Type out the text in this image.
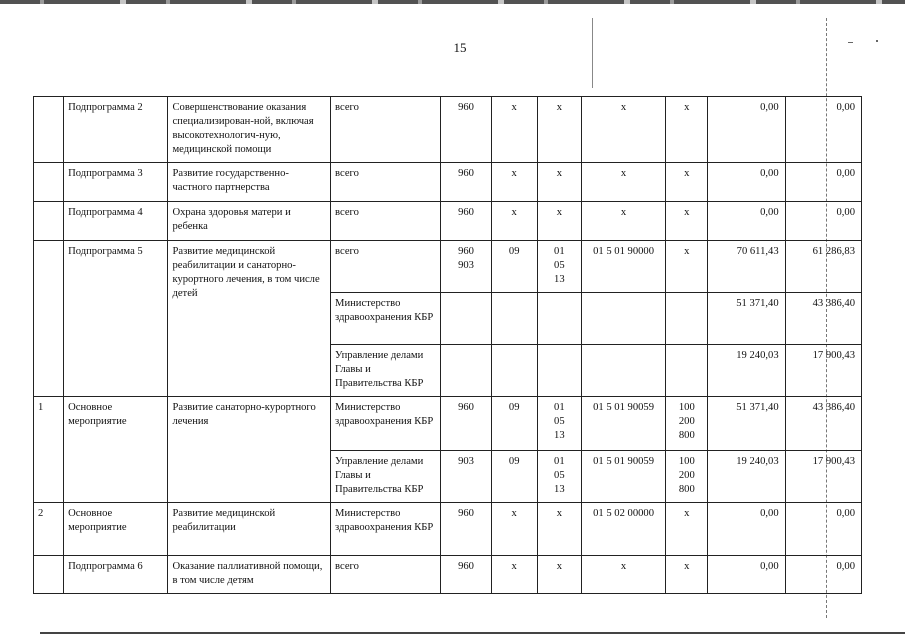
15
	Подпрограмма 2	Совершенствование оказания специализирован-ной, включая высокотехнологич-ную, медицинской помощи	всего	960	х	х	х	х	0,00	0,00
	Подпрограмма 3	Развитие государственно-частного партнерства	всего	960	х	х	х	х	0,00	0,00
	Подпрограмма 4	Охрана здоровья матери и ребенка	всего	960	х	х	х	х	0,00	0,00
	Подпрограмма 5	Развитие медицинской реабилитации и санаторно-курортного лечения, в том числе детей	всего	960
903	09	01
05
13	01 5 01 90000	х	70 611,43	61 286,83
			Министерство здравоохранения КБР						51 371,40	43 386,40
			Управление делами Главы и Правительства КБР						19 240,03	17 900,43
1	Основное мероприятие	Развитие санаторно-курортного лечения	Министерство здравоохранения КБР	960	09	01
05
13	01 5 01 90059	100
200
800	51 371,40	43 386,40
			Управление делами Главы и Правительства КБР	903	09	01
05
13	01 5 01 90059	100
200
800	19 240,03	17 900,43
2	Основное мероприятие	Развитие медицинской реабилитации	Министерство здравоохранения КБР	960	х	х	01 5 02 00000	х	0,00	0,00
	Подпрограмма 6	Оказание паллиативной помощи, в том числе детям	всего	960	х	х	х	х	0,00	0,00
